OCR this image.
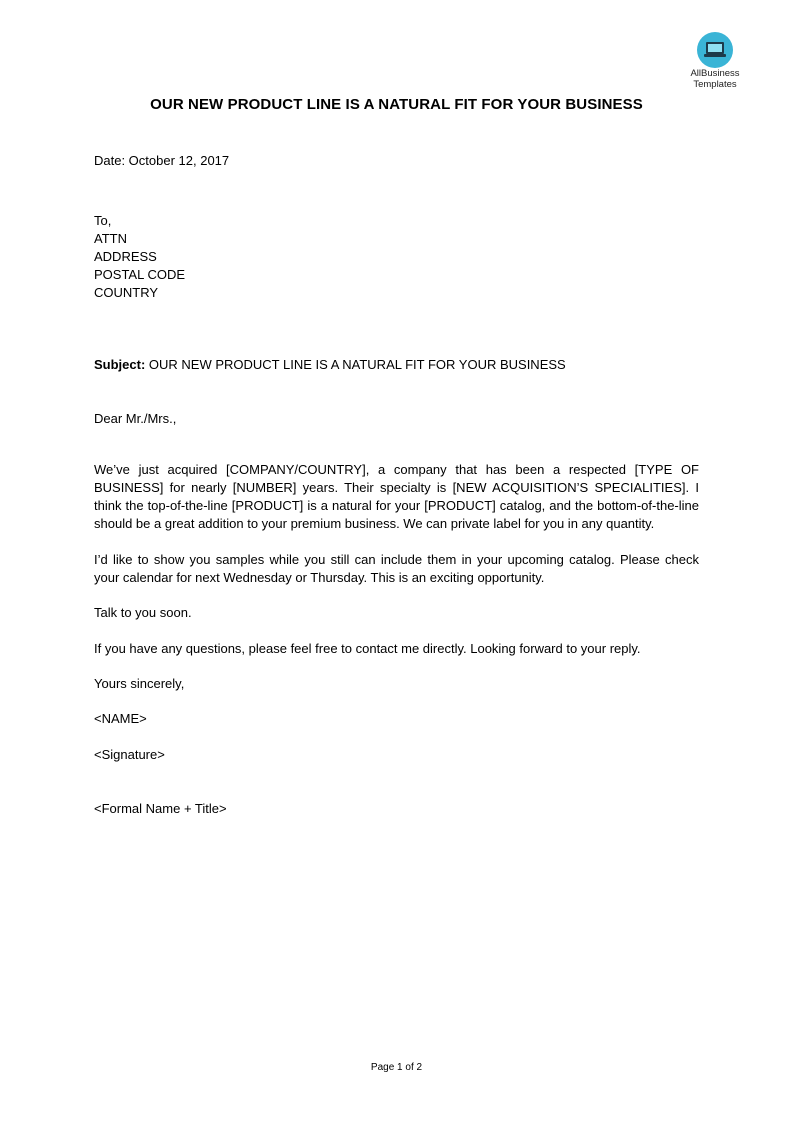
AllBusiness
Templates
OUR NEW PRODUCT LINE IS A NATURAL FIT FOR YOUR BUSINESS
Date: October 12, 2017
To,
ATTN
ADDRESS
POSTAL CODE
COUNTRY
Subject: OUR NEW PRODUCT LINE IS A NATURAL FIT FOR YOUR BUSINESS
Dear Mr./Mrs.,
We’ve just acquired [COMPANY/COUNTRY], a company that has been a respected [TYPE OF BUSINESS] for nearly [NUMBER] years. Their specialty is [NEW ACQUISITION’S SPECIALITIES]. I think the top-of-the-line [PRODUCT] is a natural for your [PRODUCT] catalog, and the bottom-of-the-line should be a great addition to your premium business. We can private label for you in any quantity.
I’d like to show you samples while you still can include them in your upcoming catalog. Please check your calendar for next Wednesday or Thursday. This is an exciting opportunity.
Talk to you soon.
If you have any questions, please feel free to contact me directly. Looking forward to your reply.
Yours sincerely,
<NAME>
<Signature>
<Formal Name + Title>
Page 1 of 2
